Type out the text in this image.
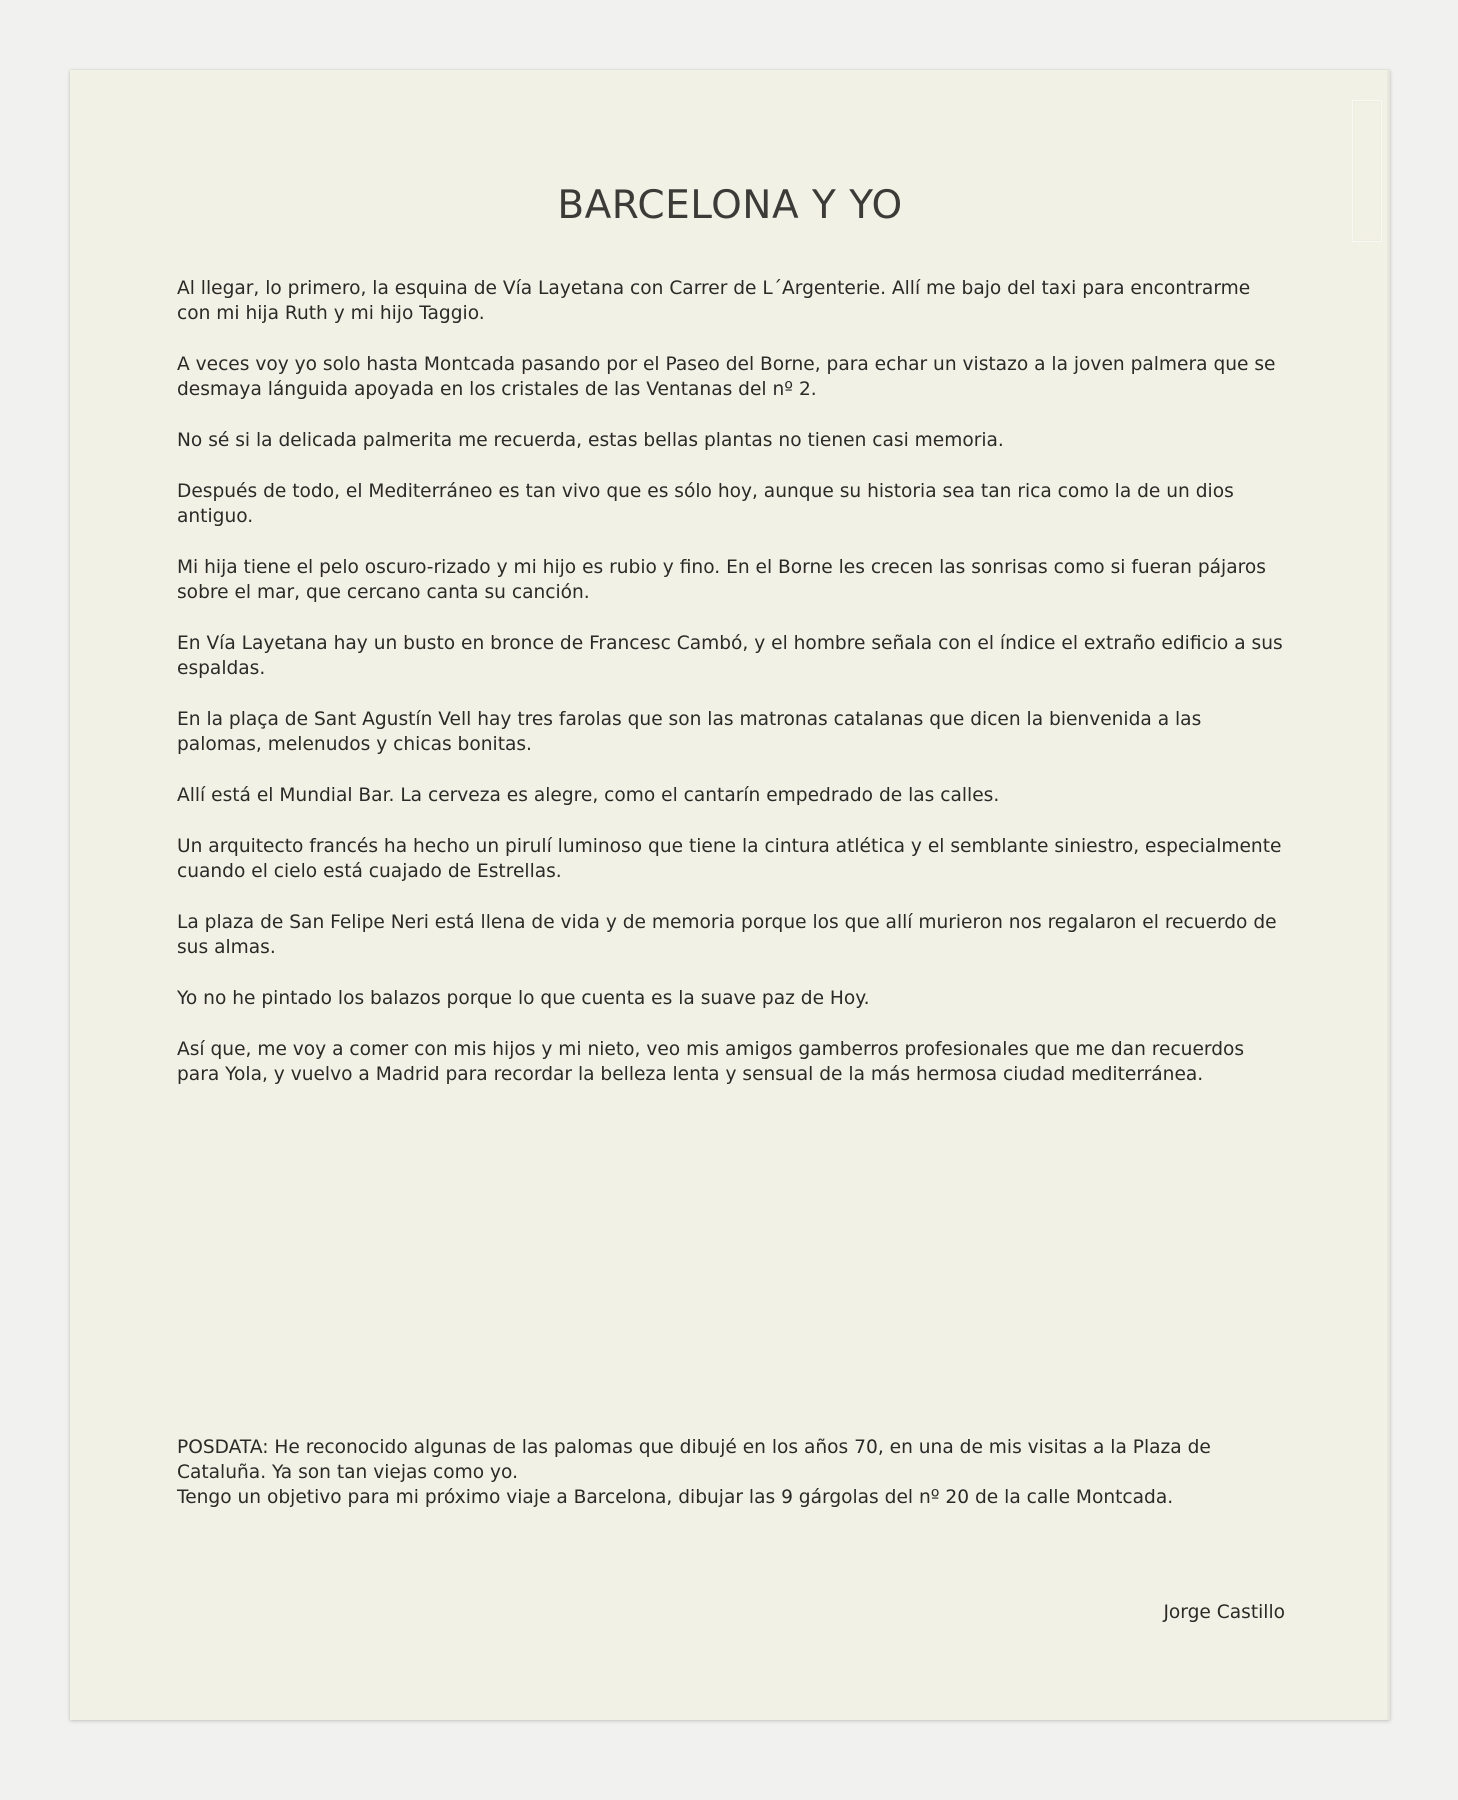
BARCELONA Y YO

Al llegar, lo primero, la esquina de Vía Layetana con Carrer de L´Argenterie. Allí me bajo del taxi para encontrarme con mi hija Ruth y mi hijo Taggio.

A veces voy yo solo hasta Montcada pasando por el Paseo del Borne, para echar un vistazo a la joven palmera que se desmaya lánguida apoyada en los cristales de las Ventanas del nº 2.

No sé si la delicada palmerita me recuerda, estas bellas plantas no tienen casi memoria.

Después de todo, el Mediterráneo es tan vivo que es sólo hoy, aunque su historia sea tan rica como la de un dios antiguo.

Mi hija tiene el pelo oscuro-rizado y mi hijo es rubio y fino. En el Borne les crecen las sonrisas como si fueran pájaros sobre el mar, que cercano canta su canción.

En Vía Layetana hay un busto en bronce de Francesc Cambó, y el hombre señala con el índice el extraño edificio a sus espaldas.

En la plaça de Sant Agustín Vell hay tres farolas que son las matronas catalanas que dicen la bienvenida a las palomas, melenudos y chicas bonitas.

Allí está el Mundial Bar. La cerveza es alegre, como el cantarín empedrado de las calles.

Un arquitecto francés ha hecho un pirulí luminoso que tiene la cintura atlética y el semblante siniestro, especialmente cuando el cielo está cuajado de Estrellas.

La plaza de San Felipe Neri está llena de vida y de memoria porque los que allí murieron nos regalaron el recuerdo de sus almas.

Yo no he pintado los balazos porque lo que cuenta es la suave paz de Hoy.

Así que, me voy a comer con mis hijos y mi nieto, veo mis amigos gamberros profesionales que me dan recuerdos para Yola, y vuelvo a Madrid para recordar la belleza lenta y sensual de la más hermosa ciudad mediterránea.

POSDATA: He reconocido algunas de las palomas que dibujé en los años 70, en una de mis visitas a la Plaza de Cataluña. Ya son tan viejas como yo.

Tengo un objetivo para mi próximo viaje a Barcelona, dibujar las 9 gárgolas del nº 20 de la calle Montcada.

Jorge Castillo
